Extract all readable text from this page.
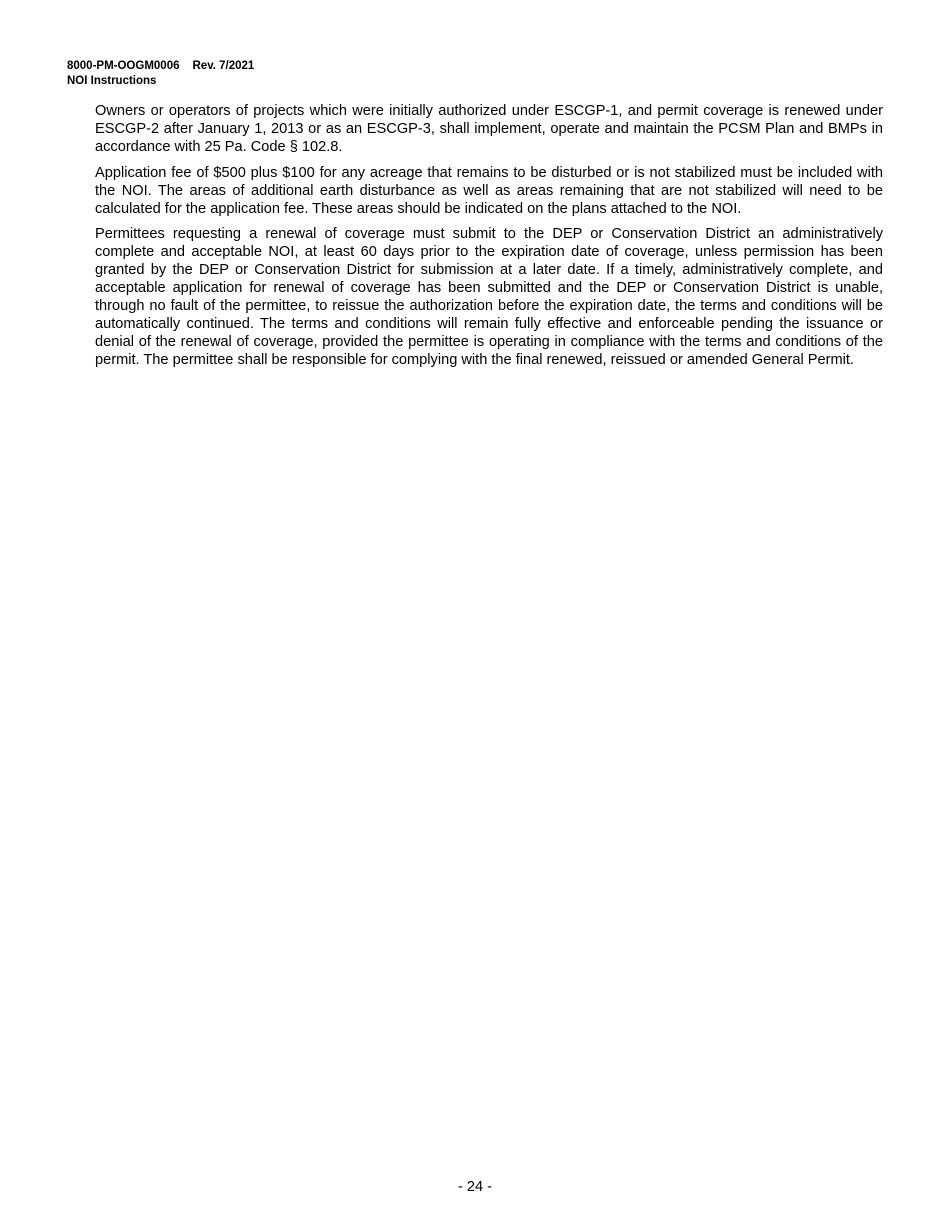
8000-PM-OOGM0006 Rev. 7/2021
NOI Instructions

Owners or operators of projects which were initially authorized under ESCGP-1, and permit coverage is renewed under ESCGP-2 after January 1, 2013 or as an ESCGP-3, shall implement, operate and maintain the PCSM Plan and BMPs in accordance with 25 Pa. Code § 102.8.

Application fee of $500 plus $100 for any acreage that remains to be disturbed or is not stabilized must be included with the NOI. The areas of additional earth disturbance as well as areas remaining that are not stabilized will need to be calculated for the application fee. These areas should be indicated on the plans attached to the NOI.

Permittees requesting a renewal of coverage must submit to the DEP or Conservation District an administratively complete and acceptable NOI, at least 60 days prior to the expiration date of coverage, unless permission has been granted by the DEP or Conservation District for submission at a later date. If a timely, administratively complete, and acceptable application for renewal of coverage has been submitted and the DEP or Conservation District is unable, through no fault of the permittee, to reissue the authorization before the expiration date, the terms and conditions will be automatically continued. The terms and conditions will remain fully effective and enforceable pending the issuance or denial of the renewal of coverage, provided the permittee is operating in compliance with the terms and conditions of the permit. The permittee shall be responsible for complying with the final renewed, reissued or amended General Permit.

- 24 -
